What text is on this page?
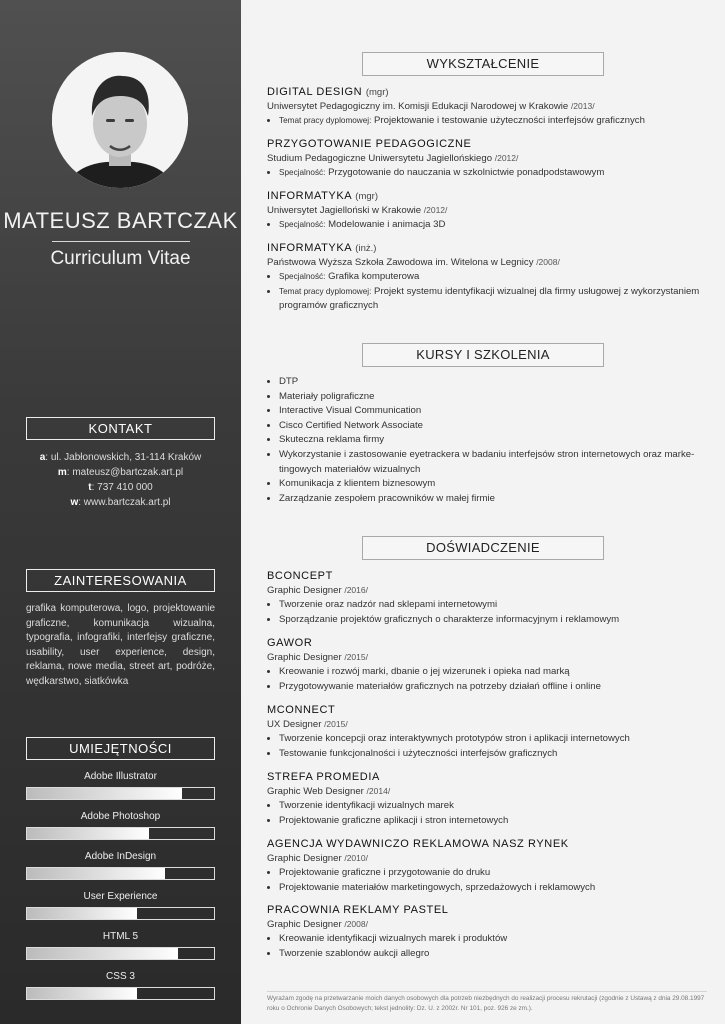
MATEUSZ BARTCZAK
Curriculum Vitae
KONTAKT
a: ul. Jabłonowskich, 31-114 Kraków
m: mateusz@bartczak.art.pl
t: 737 410 000
w: www.bartczak.art.pl
ZAINTERESOWANIA
grafika komputerowa, logo, projektowanie graficzne, komunikacja wizualna, typografia, infografiki, interfejsy graficzne, usability, user experience, design, reklama, nowe media, street art, podróże, wędkarstwo, siatkówka
UMIEJĘTNOŚCI
Adobe Illustrator
Adobe Photoshop
Adobe InDesign
User Experience
HTML 5
CSS 3
WYKSZTAŁCENIE
DIGITAL DESIGN (mgr)
Uniwersytet Pedagogiczny im. Komisji Edukacji Narodowej w Krakowie /2013/
• Temat pracy dyplomowej: Projektowanie i testowanie użyteczności interfejsów graficznych
PRZYGOTOWANIE PEDAGOGICZNE
Studium Pedagogiczne Uniwersytetu Jagiellońskiego /2012/
• Specjalność: Przygotowanie do nauczania w szkolnictwie ponadpodstawowym
INFORMATYKA (mgr)
Uniwersytet Jagielloński w Krakowie /2012/
• Specjalność: Modelowanie i animacja 3D
INFORMATYKA (inż.)
Państwowa Wyższa Szkoła Zawodowa im. Witelona w Legnicy /2008/
• Specjalność: Grafika komputerowa
• Temat pracy dyplomowej: Projekt systemu identyfikacji wizualnej dla firmy usługowej z wykorzystaniem programów graficznych
KURSY I SZKOLENIA
• DTP
• Materiały poligraficzne
• Interactive Visual Communication
• Cisco Certified Network Associate
• Skuteczna reklama firmy
• Wykorzystanie i zastosowanie eyetrackera w badaniu interfejsów stron internetowych oraz marke- tingowych materiałów wizualnych
• Komunikacja z klientem biznesowym
• Zarządzanie zespołem pracowników w małej firmie
DOŚWIADCZENIE
BCONCEPT
Graphic Designer /2016/
• Tworzenie oraz nadzór nad sklepami internetowymi
• Sporządzanie projektów graficznych o charakterze informacyjnym i reklamowym
GAWOR
Graphic Designer /2015/
• Kreowanie i rozwój marki, dbanie o jej wizerunek i opieka nad marką
• Przygotowywanie materiałów graficznych na potrzeby działań offline i online
MCONNECT
UX Designer /2015/
• Tworzenie koncepcji oraz interaktywnych prototypów stron i aplikacji internetowych
• Testowanie funkcjonalności i użyteczności interfejsów graficznych
STREFA PROMEDIA
Graphic Web Designer /2014/
• Tworzenie identyfikacji wizualnych marek
• Projektowanie graficzne aplikacji i stron internetowych
AGENCJA WYDAWNICZO REKLAMOWA NASZ RYNEK
Graphic Designer /2010/
• Projektowanie graficzne i przygotowanie do druku
• Projektowanie materiałów marketingowych, sprzedażowych i reklamowych
PRACOWNIA REKLAMY PASTEL
Graphic Designer /2008/
• Kreowanie identyfikacji wizualnych marek i produktów
• Tworzenie szablonów aukcji allegro
Wyrażam zgodę na przetwarzanie moich danych osobowych dla potrzeb niezbędnych do realizacji procesu rekrutacji (zgodnie z Ustawą z dnia 29.08.1997 roku o Ochronie Danych Osobowych; tekst jednolity: Dz. U. z 2002r. Nr 101, poz. 926 ze zm.).
